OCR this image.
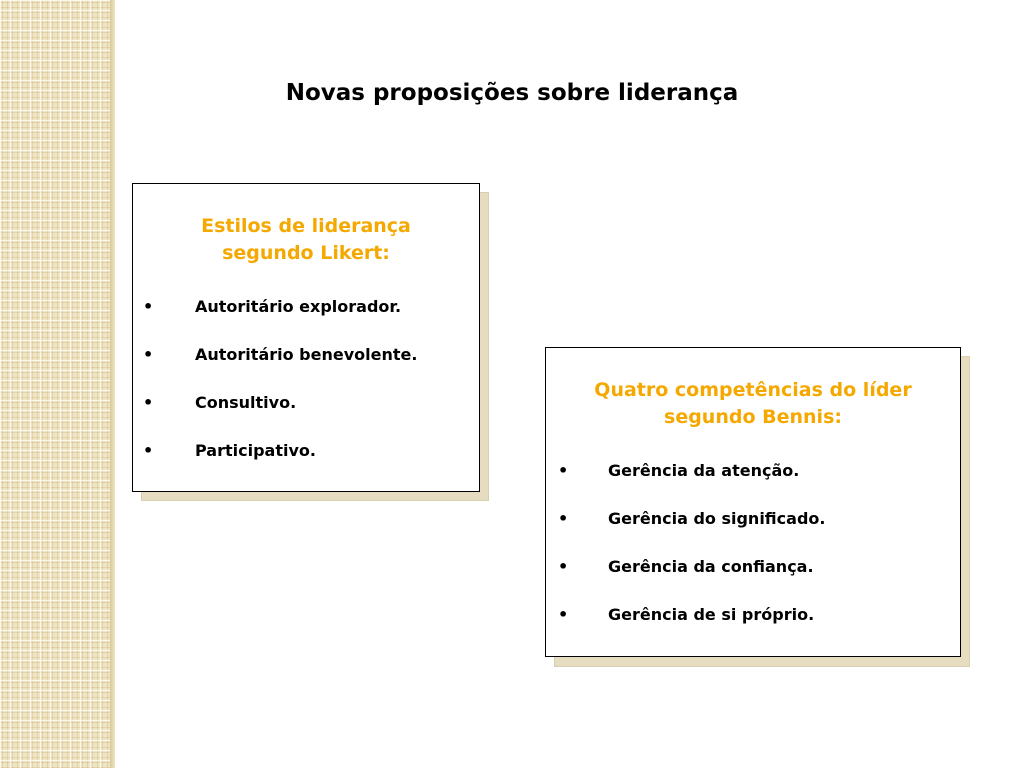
Novas proposições sobre liderança

Estilos de liderança
segundo Likert:

•	Autoritário explorador.
•	Autoritário benevolente.
•	Consultivo.
•	Participativo.

Quatro competências do líder
segundo Bennis:

• Gerência da atenção.
• Gerência do significado.
• Gerência da confiança.
• Gerência de si próprio.
